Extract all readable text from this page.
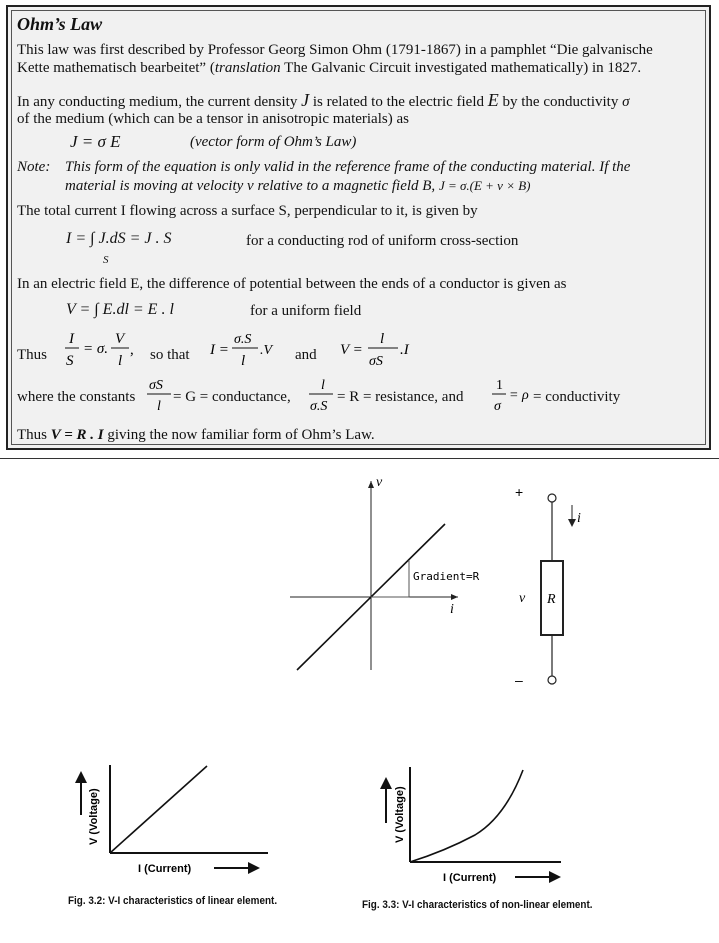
Ohm’s Law
This law was first described by Professor Georg Simon Ohm (1791-1867) in a pamphlet “Die galvanische
Kette mathematisch bearbeitet” (translation The Galvanic Circuit investigated mathematically) in 1827.
In any conducting medium, the current density J is related to the electric field E by the conductivity σ
of the medium (which can be a tensor in anisotropic materials) as
J = σ E	(vector form of Ohm’s Law)
Note: This form of the equation is only valid in the reference frame of the conducting material. If the
material is moving at velocity v relative to a magnetic field B, J = σ.(E + v × B)
The total current I flowing across a surface S, perpendicular to it, is given by
I = ∫ J.dS = J . S
S
for a conducting rod of uniform cross-section
In an electric field E, the difference of potential between the ends of a conductor is given as
V = ∫ E.dl = E . l	for a uniform field
Thus
I
S
= σ.
V
l
, so that I =
σ.S
l
.V and V =
l
σS
.I
where the constants
σS
l
= G = conductance,
l
σ.S
= R = resistance, and
1
σ
= ρ = conductivity
Thus V = R . I giving the now familiar form of Ohm’s Law.
v
i
Gradient=R
+
–
i
v R
V (Voltage)
I (Current)
Fig. 3.2: V-I characteristics of linear element.
V (Voltage)
I (Current)
Fig. 3.3: V-I characteristics of non-linear element.
